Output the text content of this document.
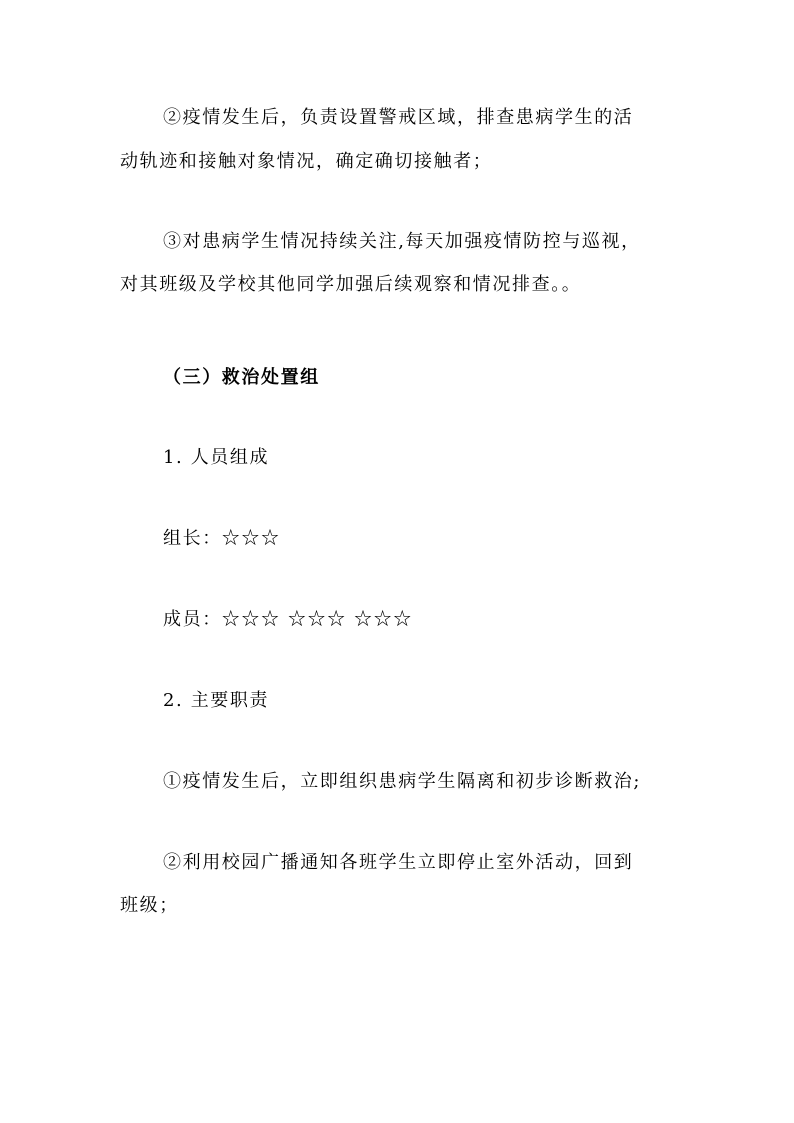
②疫情发生后，负责设置警戒区域，排查患病学生的活
动轨迹和接触对象情况，确定确切接触者；
③对患病学生情况持续关注,每天加强疫情防控与巡视，
对其班级及学校其他同学加强后续观察和情况排查。。
（三）救治处置组
1. 人员组成
组长：☆☆☆
成员：☆☆☆ ☆☆☆ ☆☆☆
2. 主要职责
①疫情发生后，立即组织患病学生隔离和初步诊断救治;
②利用校园广播通知各班学生立即停止室外活动，回到
班级；
